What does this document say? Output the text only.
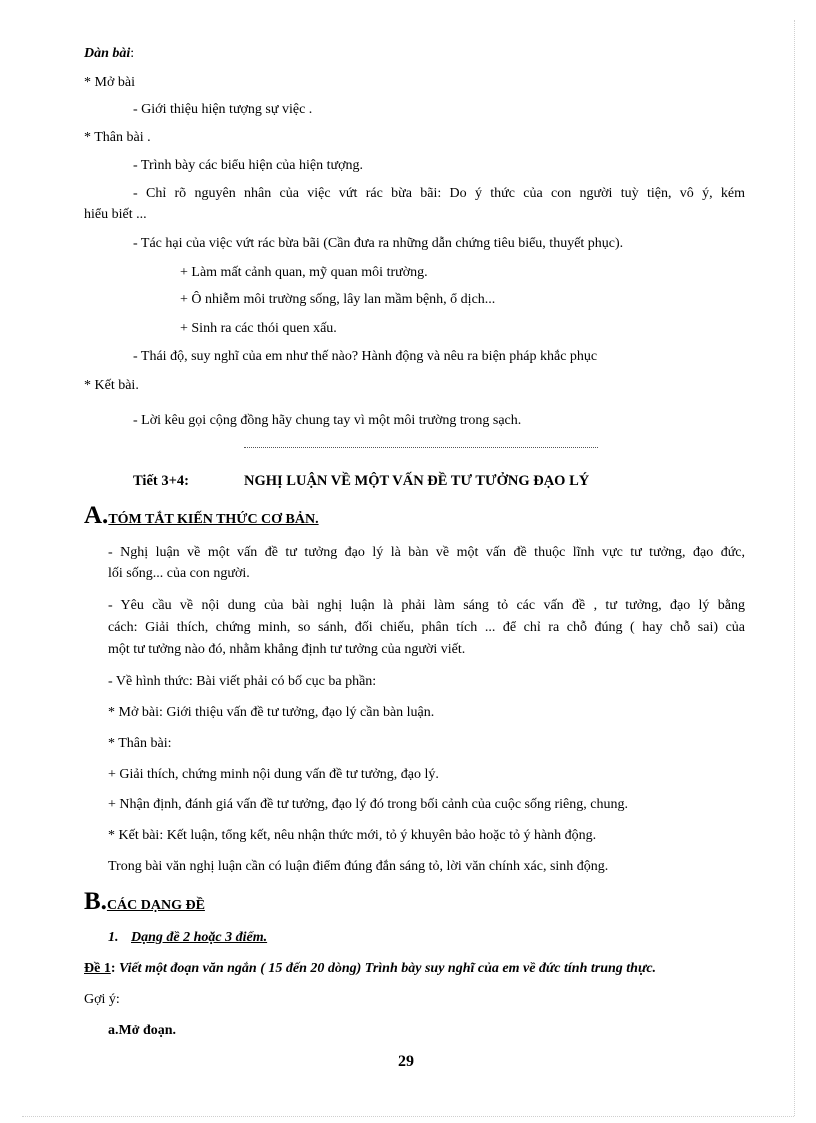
Dàn bài:
* Mở bài
- Giới thiệu hiện tượng sự việc .
* Thân bài .
- Trình bày các biểu hiện của hiện tượng.
- Chỉ rõ nguyên nhân của việc vứt rác bừa bãi: Do ý thức của con người tuỳ tiện, vô ý, kém
hiểu biết ...
- Tác hại của việc vứt rác bừa bãi (Cần đưa ra những dẫn chứng tiêu biểu, thuyết phục).
+ Làm mất cảnh quan, mỹ quan môi trường.
+ Ô nhiễm môi trường sống, lây lan mầm bệnh, ổ dịch...
+ Sinh ra các thói quen xấu.
- Thái độ, suy nghĩ của em như thế nào? Hành động và nêu ra biện pháp khắc phục
* Kết bài.
- Lời kêu gọi cộng đồng hãy chung tay vì một môi trường trong sạch.
Tiết 3+4:	NGHỊ LUẬN VỀ MỘT VẤN ĐỀ TƯ TƯỞNG ĐẠO LÝ
A.TÓM TẮT KIẾN THỨC CƠ BẢN.
- Nghị luận về một vấn đề tư tưởng đạo lý là bàn về một vấn đề thuộc lĩnh vực tư tưởng, đạo đức,
lối sống... của con người.
- Yêu cầu về nội dung của bài nghị luận là phải làm sáng tỏ các vấn đề , tư tưởng, đạo lý bằng
cách: Giải thích, chứng minh, so sánh, đối chiếu, phân tích ... để chỉ ra chỗ đúng ( hay chỗ sai) của
một tư tưởng nào đó, nhằm khẳng định tư tưởng của người viết.
- Về hình thức: Bài viết phải có bố cục ba phần:
* Mở bài: Giới thiệu vấn đề tư tưởng, đạo lý cần bàn luận.
* Thân bài:
+ Giải thích, chứng minh nội dung vấn đề tư tưởng, đạo lý.
+ Nhận định, đánh giá vấn đề tư tưởng, đạo lý đó trong bối cảnh của cuộc sống riêng, chung.
* Kết bài: Kết luận, tổng kết, nêu nhận thức mới, tỏ ý khuyên bảo hoặc tỏ ý hành động.
Trong bài văn nghị luận cần có luận điểm đúng đắn sáng tỏ, lời văn chính xác, sinh động.
B.CÁC DẠNG ĐỀ
1. Dạng đề 2 hoặc 3 điểm.
Đề 1: Viết một đoạn văn ngắn ( 15 đến 20 dòng) Trình bày suy nghĩ của em về đức tính trung thực.
Gợi ý:
a.Mở đoạn.
29
